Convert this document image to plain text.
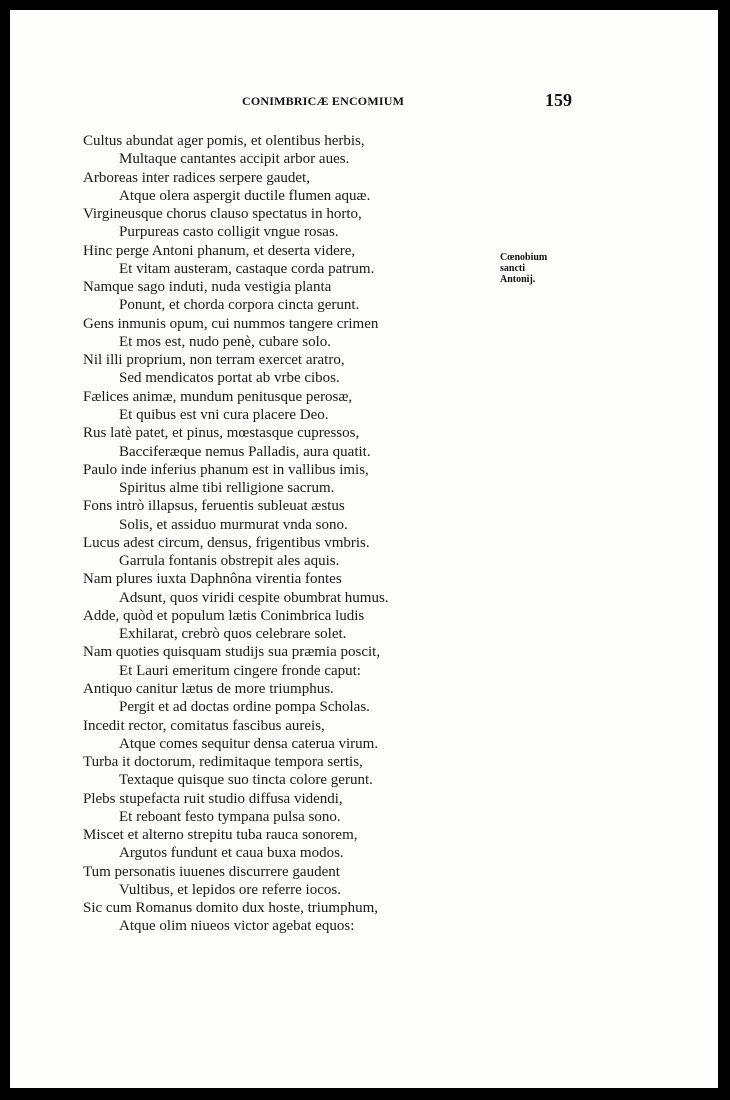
CONIMBRICÆ ENCOMIUM	159
Cultus abundat ager pomis, et olentibus herbis,
Multaque cantantes accipit arbor aues.
Arboreas inter radices serpere gaudet,
Atque olera aspergit ductile flumen aquæ.
Virgineusque chorus clauso spectatus in horto,
Purpureas casto colligit vngue rosas.
Hinc perge Antoni phanum, et deserta videre,
Et vitam austeram, castaque corda patrum.
Namque sago induti, nuda vestigia planta
Ponunt, et chorda corpora cincta gerunt.
Gens inmunis opum, cui nummos tangere crimen
Et mos est, nudo penè, cubare solo.
Nil illi proprium, non terram exercet aratro,
Sed mendicatos portat ab vrbe cibos.
Fælices animæ, mundum penitusque perosæ,
Et quibus est vni cura placere Deo.
Rus latè patet, et pinus, mœstasque cupressos,
Bacciferæque nemus Palladis, aura quatit.
Paulo inde inferius phanum est in vallibus imis,
Spiritus alme tibi relligione sacrum.
Fons intrò illapsus, feruentis subleuat æstus
Solis, et assiduo murmurat vnda sono.
Lucus adest circum, densus, frigentibus vmbris.
Garrula fontanis obstrepit ales aquis.
Nam plures iuxta Daphnôna virentia fontes
Adsunt, quos viridi cespite obumbrat humus.
Adde, quòd et populum lætis Conimbrica ludis
Exhilarat, crebrò quos celebrare solet.
Nam quoties quisquam studijs sua præmia poscit,
Et Lauri emeritum cingere fronde caput:
Antiquo canitur lætus de more triumphus.
Pergit et ad doctas ordine pompa Scholas.
Incedit rector, comitatus fascibus aureis,
Atque comes sequitur densa caterua virum.
Turba it doctorum, redimitaque tempora sertis,
Textaque quisque suo tincta colore gerunt.
Plebs stupefacta ruit studio diffusa videndi,
Et reboant festo tympana pulsa sono.
Miscet et alterno strepitu tuba rauca sonorem,
Argutos fundunt et caua buxa modos.
Tum personatis iuuenes discurrere gaudent
Vultibus, et lepidos ore referre iocos.
Sic cum Romanus domito dux hoste, triumphum,
Atque olim niueos victor agebat equos:
Cœnobium sancti Antonij.
